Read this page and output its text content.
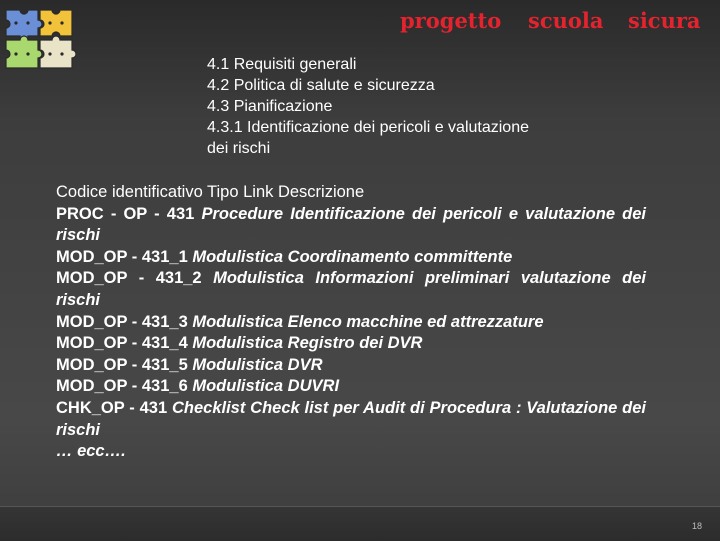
progetto scuola sicura
4.1 Requisiti generali
4.2 Politica di salute e sicurezza
4.3 Pianificazione
4.3.1 Identificazione dei pericoli e valutazione
dei rischi
Codice identificativo Tipo Link Descrizione
PROC - OP - 431 Procedure Identificazione dei pericoli e valutazione dei rischi
MOD_OP - 431_1 Modulistica Coordinamento committente
MOD_OP - 431_2 Modulistica Informazioni preliminari valutazione dei rischi
MOD_OP - 431_3 Modulistica Elenco macchine ed attrezzature
MOD_OP - 431_4 Modulistica Registro dei DVR
MOD_OP - 431_5 Modulistica DVR
MOD_OP - 431_6 Modulistica DUVRI
CHK_OP - 431 Checklist Check list per Audit di Procedura : Valutazione dei rischi
… ecc….
18
